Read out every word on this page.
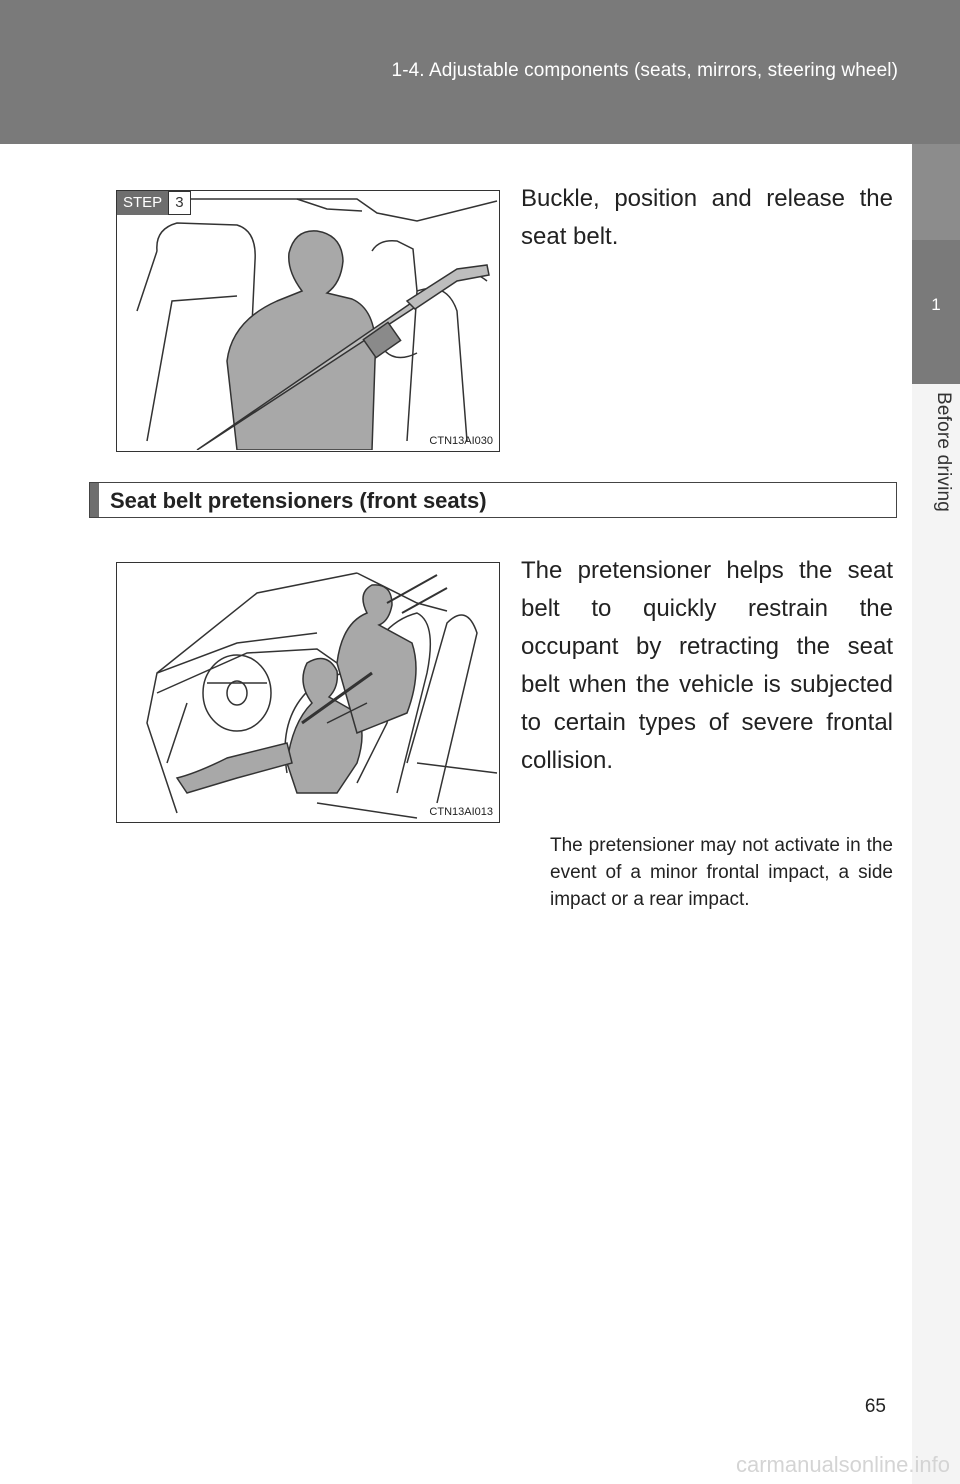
1-4. Adjustable components (seats, mirrors, steering wheel)
1
Before driving
STEP 3
CTN13AI030
Buckle, position and release the seat belt.
Seat belt pretensioners (front seats)
CTN13AI013
The pretensioner helps the seat belt to quickly restrain the occupant by retracting the seat belt when the vehicle is subjected to certain types of severe frontal collision.
The pretensioner may not activate in the event of a minor frontal impact, a side impact or a rear impact.
65
carmanualsonline.info
